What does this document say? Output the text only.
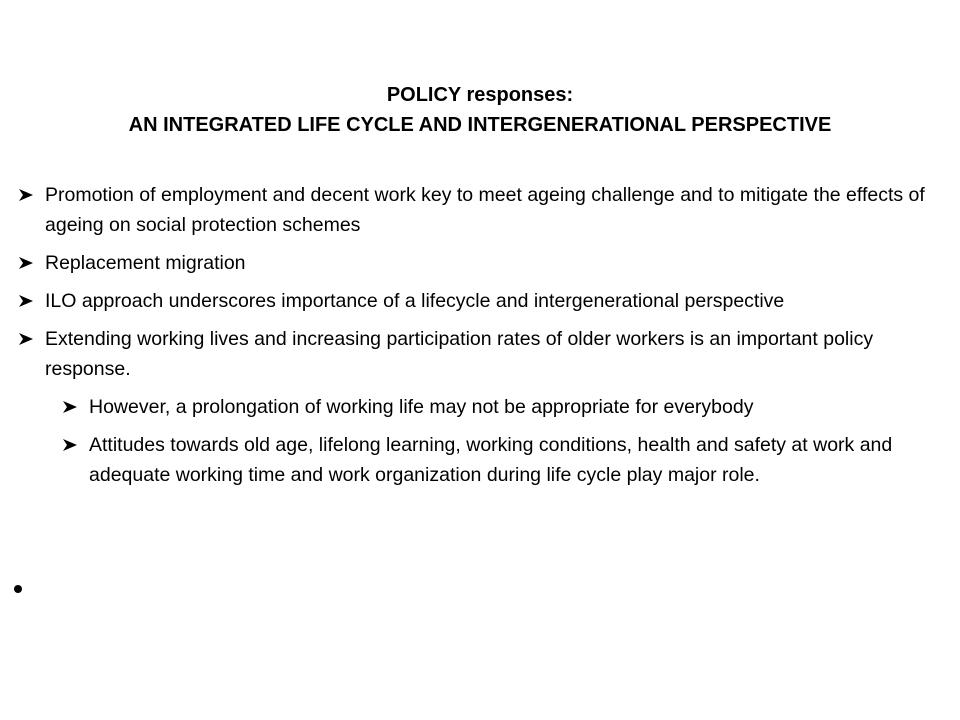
POLICY responses:
AN INTEGRATED LIFE CYCLE AND INTERGENERATIONAL PERSPECTIVE
Promotion of employment and decent work key to meet ageing challenge and to mitigate the effects of ageing on social protection schemes
Replacement migration
ILO approach underscores importance of a lifecycle and intergenerational perspective
Extending working lives and increasing participation rates of older workers is an important policy response.
However, a prolongation of working life may not be appropriate for everybody
Attitudes towards old age, lifelong learning, working conditions, health and safety at work and adequate working time and work organization during life cycle play major role.
